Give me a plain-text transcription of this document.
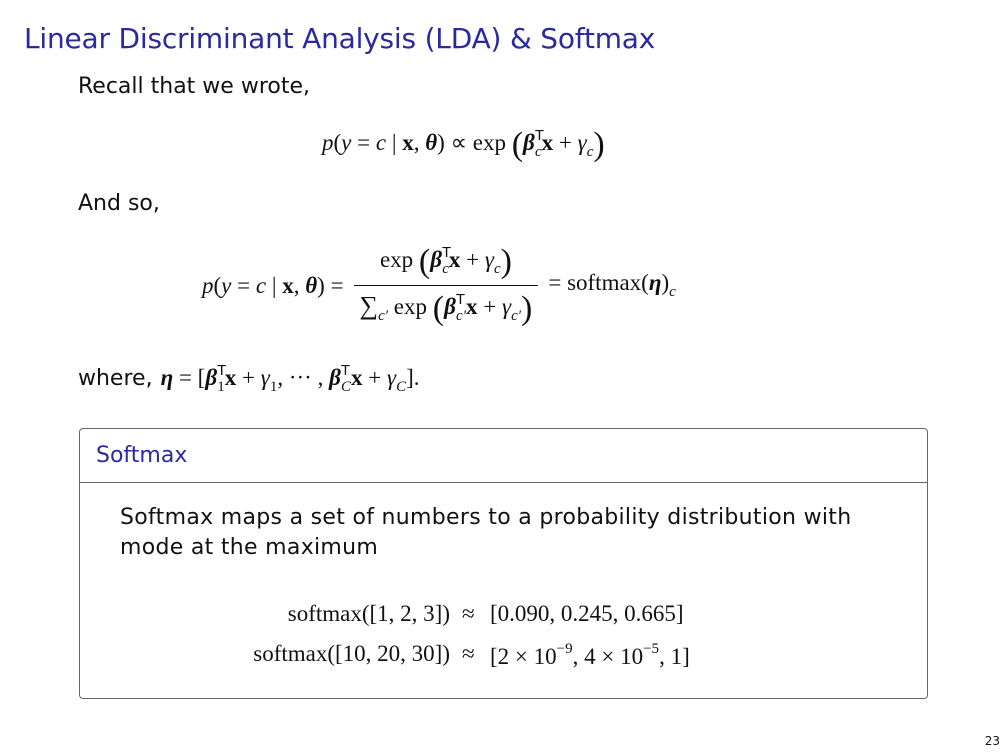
Linear Discriminant Analysis (LDA) & Softmax
Recall that we wrote,
p(y = c | x, $\theta) \propto \exp (\beta^T_cx + \gamma_c)$
And so,
p(y = c | x, $\theta) = \frac{\exp (\beta^T_cx + \gamma_c)}{\sum_{c'} \exp (\beta^T_{c'}x + \gamma_{c'})}$ = $softmax(\eta)_c$
where, $\eta = [\beta^T_1x + \gamma_1$, ··· , $\beta^T_Cx + \gamma_C$].
Softmax
Softmax maps a set of numbers to a probability distribution with mode at the maximum
softmax([1, 2, 3]) ≈ [0.090, 0.245, 0.665]
softmax([10, 20, $30]) \approx [2 \times 10^{-9}$, $4 \times 10^{-5}$, 1]
23
